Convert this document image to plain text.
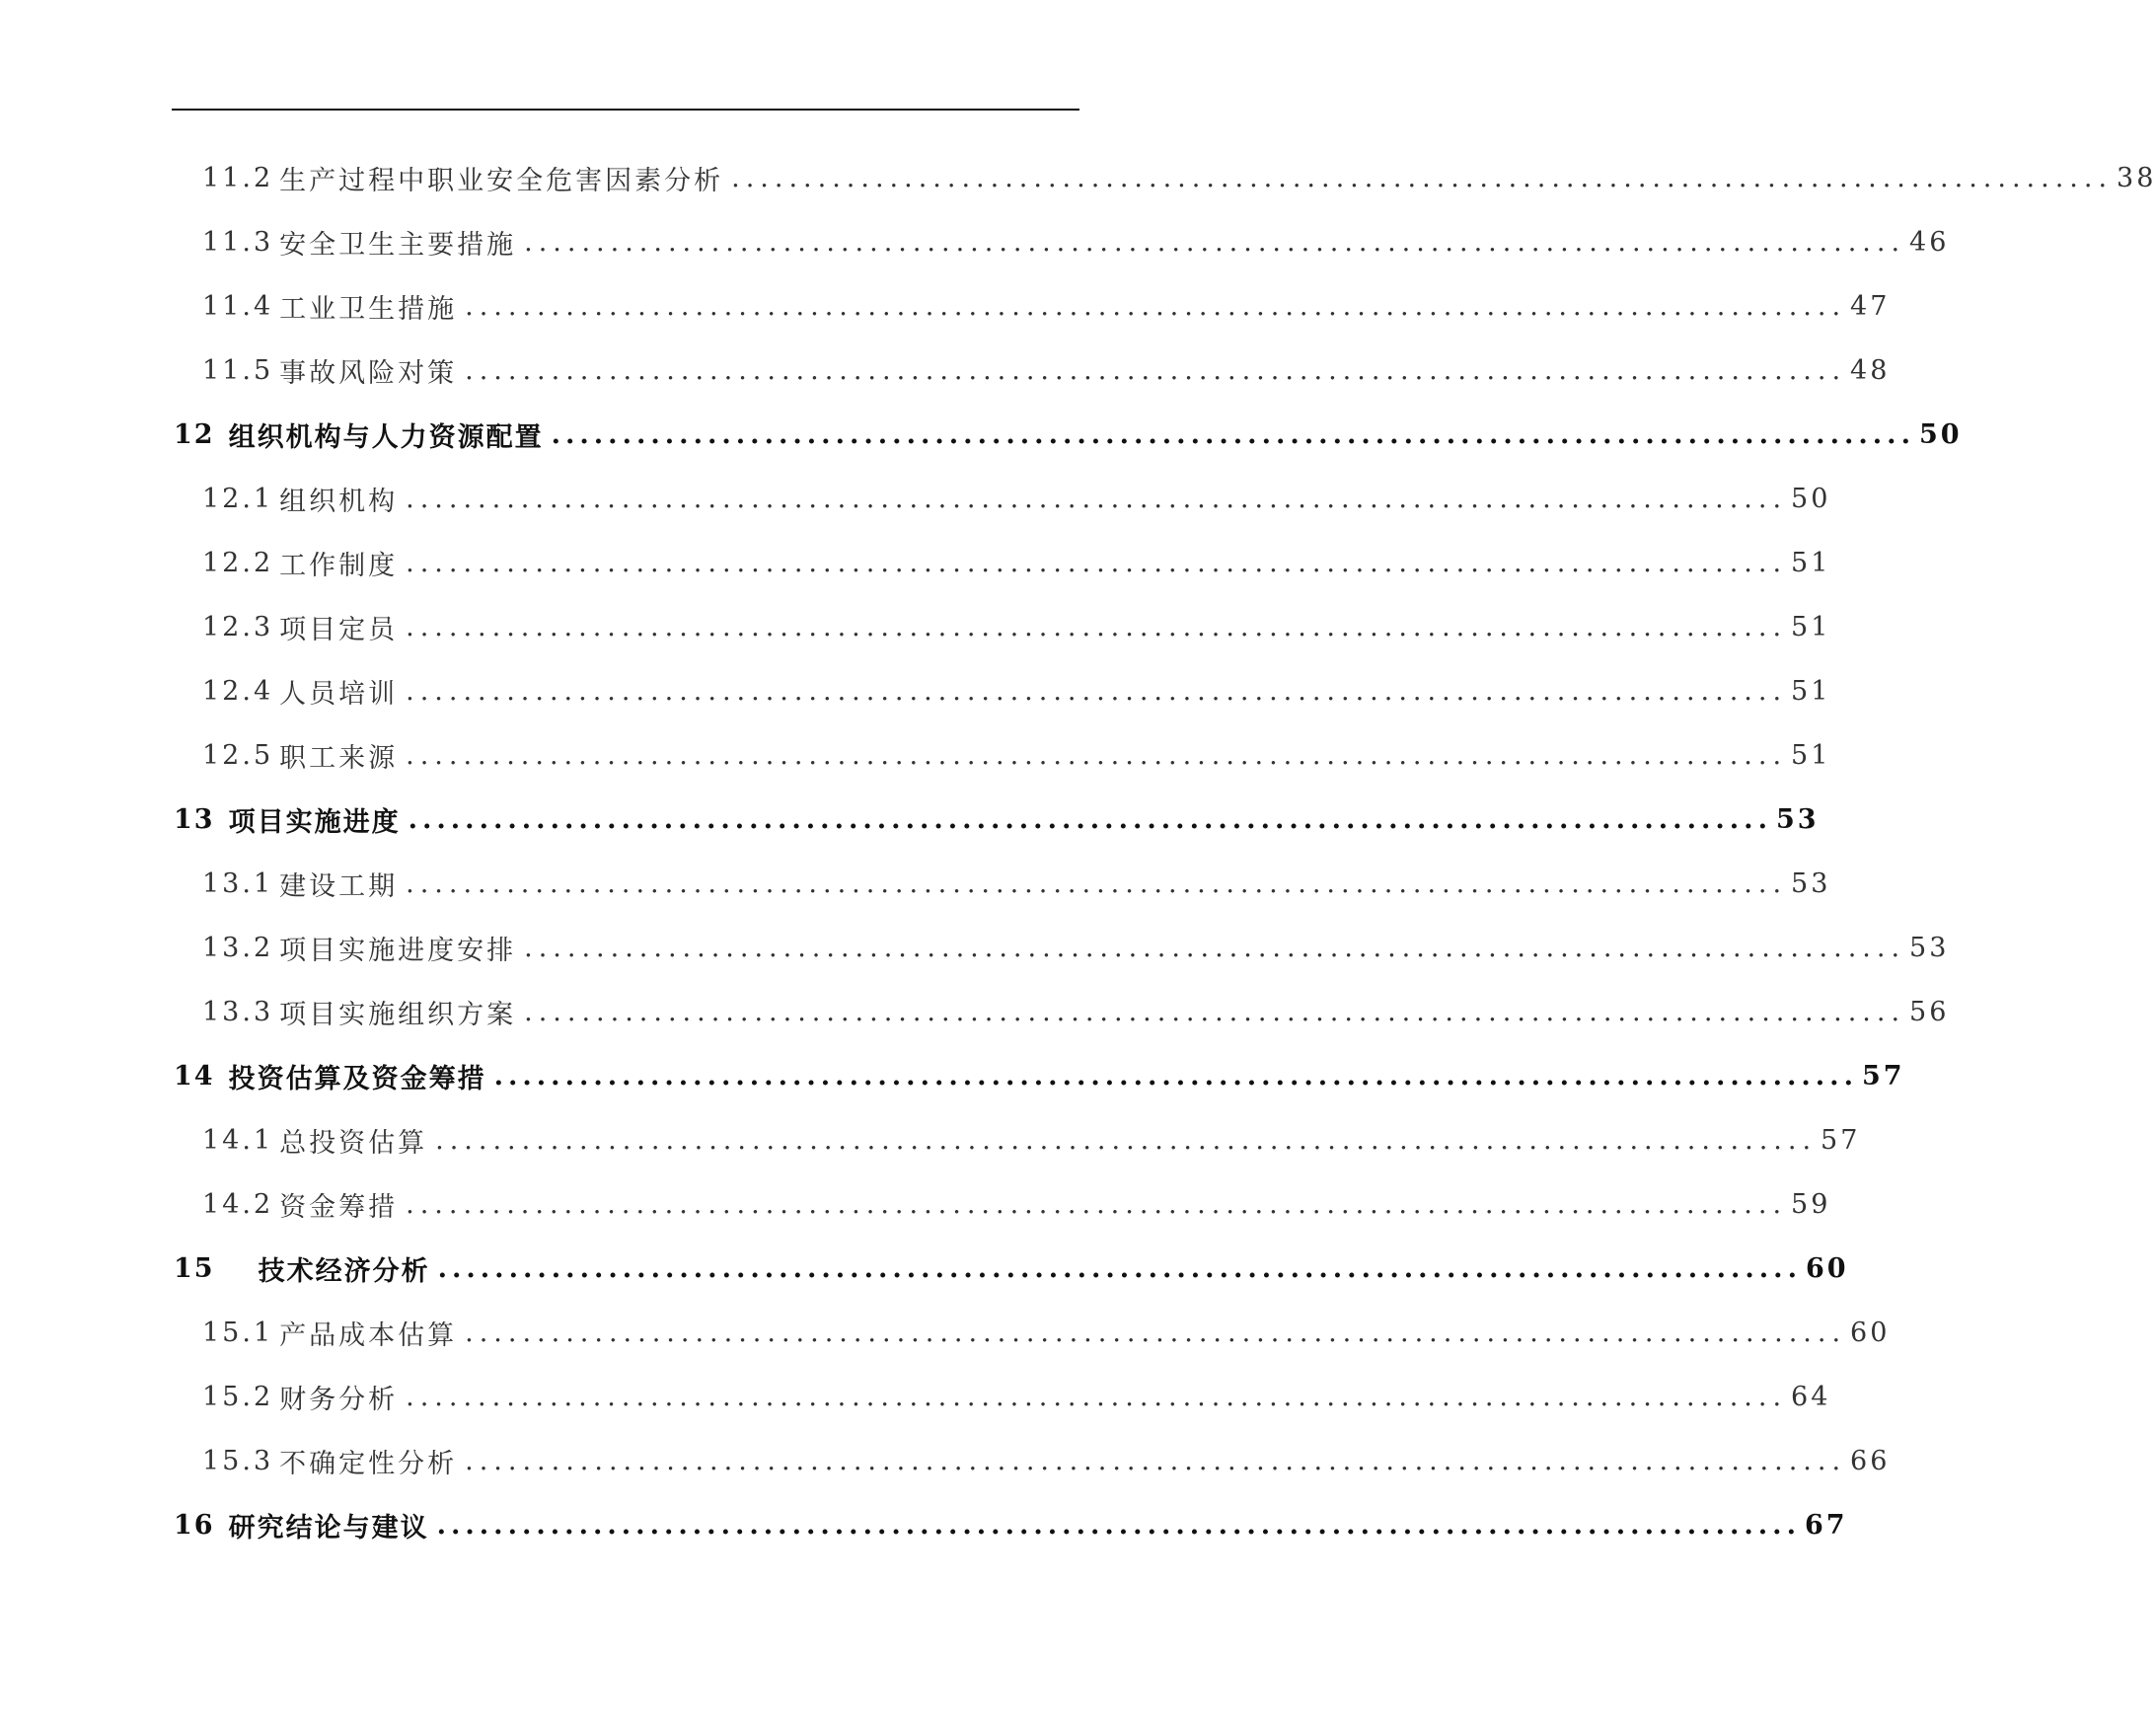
11.2 生产过程中职业安全危害因素分析 ................................................................................................ 38
11.3 安全卫生主要措施 ................................................................................................ 46
11.4 工业卫生措施 ................................................................................................ 47
11.5 事故风险对策 ................................................................................................ 48
12 组织机构与人力资源配置 ................................................................................................ 50
12.1 组织机构 ................................................................................................ 50
12.2 工作制度 ................................................................................................ 51
12.3 项目定员 ................................................................................................ 51
12.4 人员培训 ................................................................................................ 51
12.5 职工来源 ................................................................................................ 51
13 项目实施进度 ................................................................................................ 53
13.1 建设工期 ................................................................................................ 53
13.2 项目实施进度安排 ................................................................................................ 53
13.3 项目实施组织方案 ................................................................................................ 56
14 投资估算及资金筹措 ................................................................................................ 57
14.1 总投资估算 ................................................................................................ 57
14.2 资金筹措 ................................................................................................ 59
15	技术经济分析 ................................................................................................ 60
15.1 产品成本估算 ................................................................................................ 60
15.2 财务分析 ................................................................................................ 64
15.3 不确定性分析 ................................................................................................ 66
16 研究结论与建议 ................................................................................................ 67
